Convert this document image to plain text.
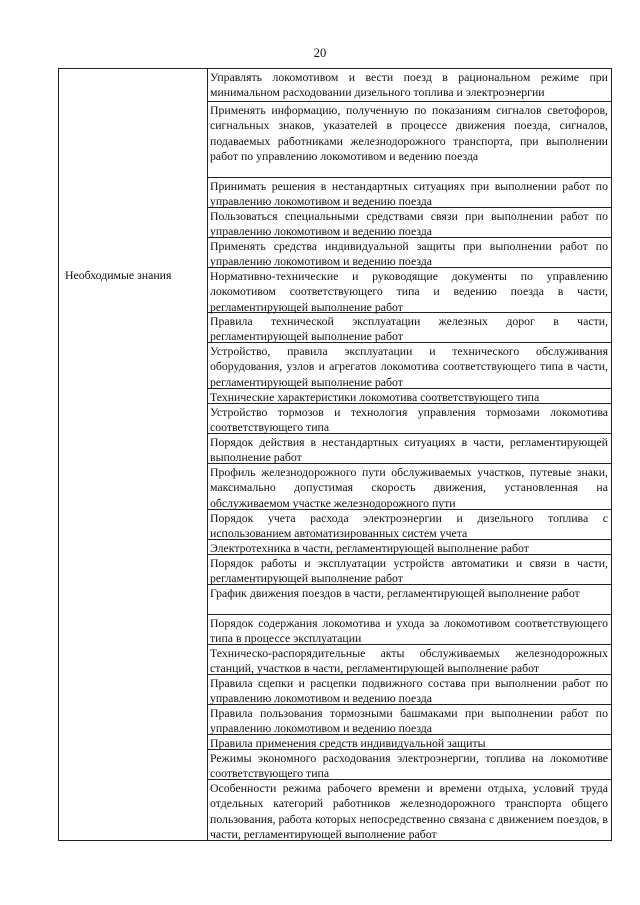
20
Необходимые знания
Управлять локомотивом и вести поезд в рациональном режиме при минимальном расходовании дизельного топлива и электроэнергии
Применять информацию, полученную по показаниям сигналов светофоров, сигнальных знаков, указателей в процессе движения поезда, сигналов, подаваемых работниками железнодорожного транспорта, при выполнении работ по управлению локомотивом и ведению поезда
Принимать решения в нестандартных ситуациях при выполнении работ по управлению локомотивом и ведению поезда
Пользоваться специальными средствами связи при выполнении работ по управлению локомотивом и ведению поезда
Применять средства индивидуальной защиты при выполнении работ по управлению локомотивом и ведению поезда
Нормативно-технические и руководящие документы по управлению локомотивом соответствующего типа и ведению поезда в части, регламентирующей выполнение работ
Правила технической эксплуатации железных дорог в части, регламентирующей выполнение работ
Устройство, правила эксплуатации и технического обслуживания оборудования, узлов и агрегатов локомотива соответствующего типа в части, регламентирующей выполнение работ
Технические характеристики локомотива соответствующего типа
Устройство тормозов и технология управления тормозами локомотива соответствующего типа
Порядок действия в нестандартных ситуациях в части, регламентирующей выполнение работ
Профиль железнодорожного пути обслуживаемых участков, путевые знаки, максимально допустимая скорость движения, установленная на обслуживаемом участке железнодорожного пути
Порядок учета расхода электроэнергии и дизельного топлива с использованием автоматизированных систем учета
Электротехника в части, регламентирующей выполнение работ
Порядок работы и эксплуатации устройств автоматики и связи в части, регламентирующей выполнение работ
График движения поездов в части, регламентирующей выполнение работ
Порядок содержания локомотива и ухода за локомотивом соответствующего типа в процессе эксплуатации
Техническо-распорядительные акты обслуживаемых железнодорожных станций, участков в части, регламентирующей выполнение работ
Правила сцепки и расцепки подвижного состава при выполнении работ по управлению локомотивом и ведению поезда
Правила пользования тормозными башмаками при выполнении работ по управлению локомотивом и ведению поезда
Правила применения средств индивидуальной защиты
Режимы экономного расходования электроэнергии, топлива на локомотиве соответствующего типа
Особенности режима рабочего времени и времени отдыха, условий труда отдельных категорий работников железнодорожного транспорта общего пользования, работа которых непосредственно связана с движением поездов, в части, регламентирующей выполнение работ
